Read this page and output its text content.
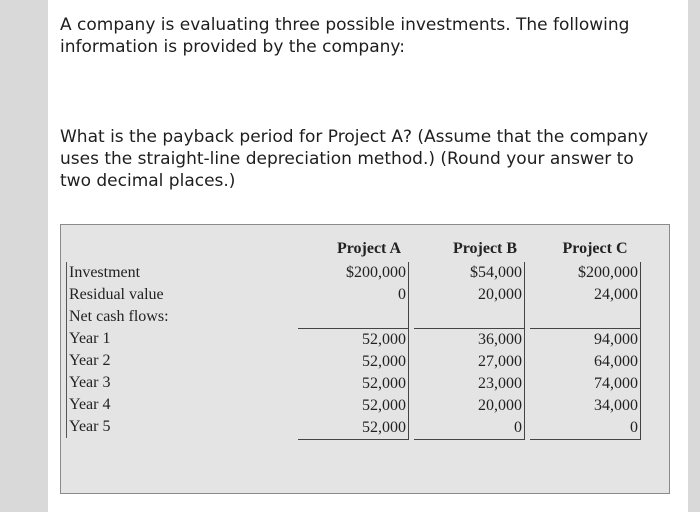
A company is evaluating three possible investments. The following information is provided by the company:
What is the payback period for Project A? (Assume that the company uses the straight-line depreciation method.) (Round your answer to two decimal places.)
Project A	Project B	Project C
Investment
Residual value
Net cash flows:
Year 1
Year 2
Year 3
Year 4
Year 5
$200,000
0
52,000
52,000
52,000
52,000
52,000
$54,000
20,000
36,000
27,000
23,000
20,000
0
$200,000
24,000
94,000
64,000
74,000
34,000
0
